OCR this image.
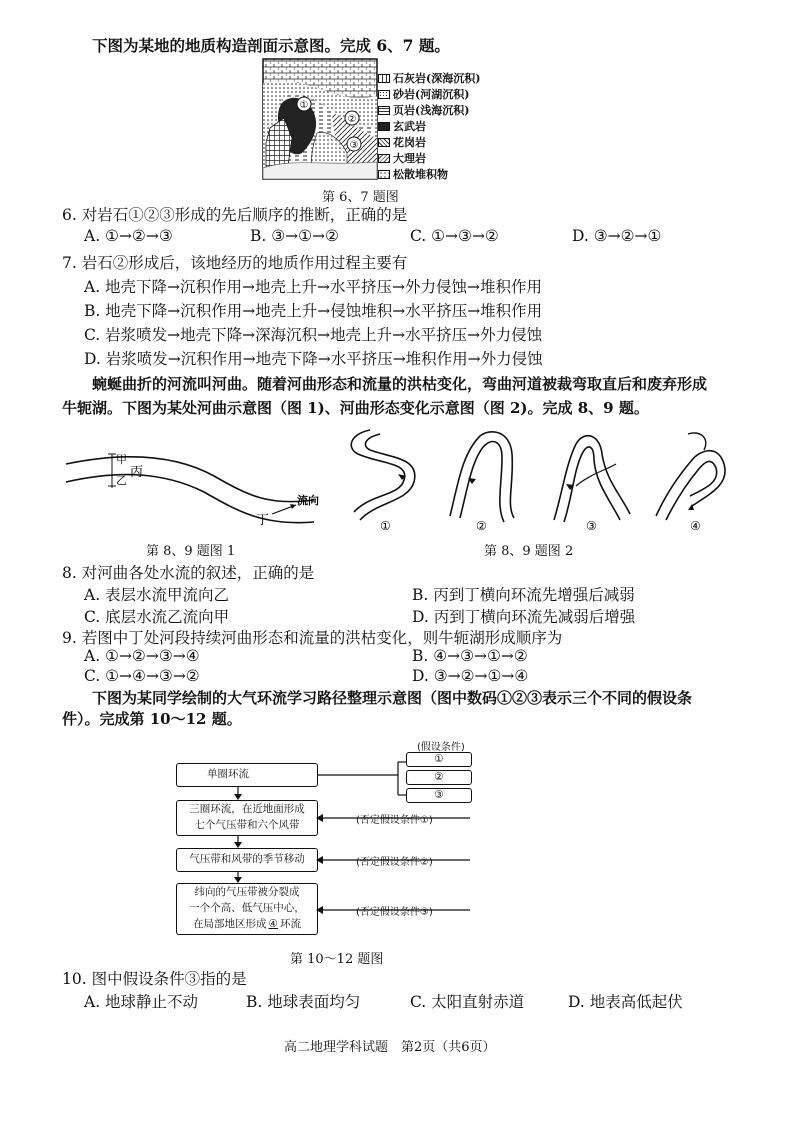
下图为某地的地质构造剖面示意图。完成 6、7 题。
①
②
③
石灰岩(深海沉积)
砂岩(河湖沉积)
页岩(浅海沉积)
玄武岩
花岗岩
大理岩
松散堆积物
第 6、7 题图
6. 对岩石①②③形成的先后顺序的推断，正确的是
A. ①→②→③	B. ③→①→②	C. ①→③→②	D. ③→②→①
7. 岩石②形成后，该地经历的地质作用过程主要有
A. 地壳下降→沉积作用→地壳上升→水平挤压→外力侵蚀→堆积作用
B. 地壳下降→沉积作用→地壳上升→侵蚀堆积→水平挤压→堆积作用
C. 岩浆喷发→地壳下降→深海沉积→地壳上升→水平挤压→外力侵蚀
D. 岩浆喷发→沉积作用→地壳下降→水平挤压→堆积作用→外力侵蚀
蜿蜒曲折的河流叫河曲。随着河曲形态和流量的洪枯变化，弯曲河道被裁弯取直后和废弃形成
牛轭湖。下图为某处河曲示意图（图 1)、河曲形态变化示意图（图 2)。完成 8、9 题。
甲
乙
丙
丁
流向
①	②	③	④
第 8、9 题图 1	第 8、9 题图 2
8. 对河曲各处水流的叙述，正确的是
A. 表层水流甲流向乙	B. 丙到丁横向环流先增强后减弱
C. 底层水流乙流向甲	D. 丙到丁横向环流先减弱后增强
9. 若图中丁处河段持续河曲形态和流量的洪枯变化，则牛轭湖形成顺序为
A. ①→②→③→④	B. ④→③→①→②
C. ①→④→③→②	D. ③→②→①→④
下图为某同学绘制的大气环流学习路径整理示意图（图中数码①②③表示三个不同的假设条
件）。完成第 10～12 题。
(假设条件)
①
②
③
单圈环流
三圈环流，在近地面形成
七个气压带和六个风带
气压带和风带的季节移动
纬向的气压带被分裂成
一个个高、低气压中心，
在局部地区形成 ④ 环流
(否定假设条件①)
(否定假设条件②)
(否定假设条件③)
第 10～12 题图
10. 图中假设条件③指的是
A. 地球静止不动	B. 地球表面均匀	C. 太阳直射赤道	D. 地表高低起伏
高二地理学科试题　第2页（共6页）
